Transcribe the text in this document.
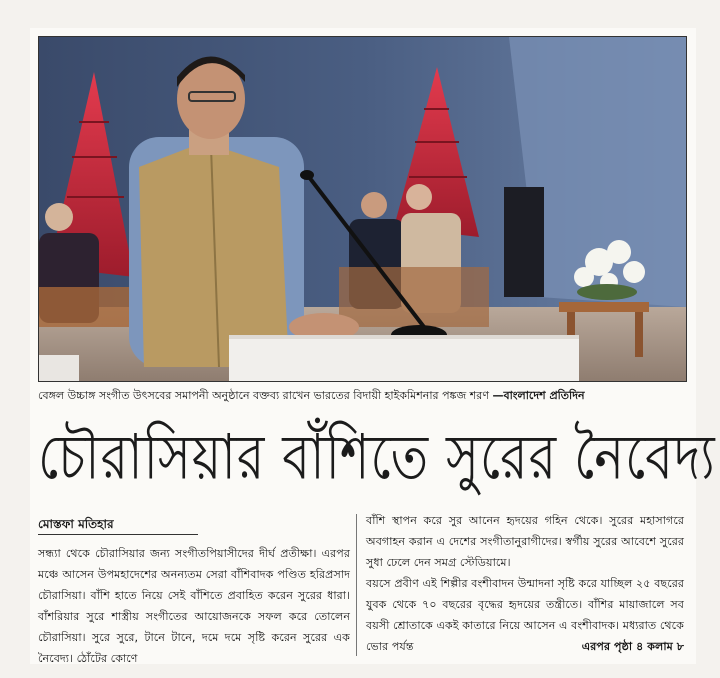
বেঙ্গল উচ্চাঙ্গ সংগীত উৎসবের সমাপনী অনুষ্ঠানে বক্তব্য রাখেন ভারতের বিদায়ী হাইকমিশনার পঙ্কজ শরণ —বাংলাদেশ প্রতিদিন
চৌরাসিয়ার বাঁশিতে সুরের নৈবেদ্য
মোস্তফা মতিহার

সন্ধ্যা থেকে চৌরাসিয়ার জন্য সংগীতপিয়াসীদের দীর্ঘ প্রতীক্ষা। এরপর মঞ্চে আসেন উপমহাদেশের অনন্যতম সেরা বাঁশিবাদক পণ্ডিত হরিপ্রসাদ চৌরাসিয়া। বাঁশি হাতে নিয়ে সেই বাঁশিতে প্রবাহিত করেন সুরের ধারা। বাঁশরিয়ার সুরে শাস্ত্রীয় সংগীতের আয়োজনকে সফল করে তোলেন চৌরাসিয়া। সুরে সুরে, টানে টানে, দমে দমে সৃষ্টি করেন সুরের এক নৈবেদ্য। ঠোঁটের কোণে

বাঁশি স্থাপন করে সুর আনেন হৃদয়ের গহিন থেকে। সুরের মহাসাগরে অবগাহন করান এ দেশের সংগীতানুরাগীদের। স্বর্গীয় সুরের আবেশে সুরের সুধা ঢেলে দেন সমগ্র স্টেডিয়ামে।

বয়সে প্রবীণ এই শিল্পীর বংশীবাদন উন্মাদনা সৃষ্টি করে যাচ্ছিল ২৫ বছরের যুবক থেকে ৭০ বছরের বৃদ্ধের হৃদয়ের তন্ত্রীতে। বাঁশির মায়াজালে সব বয়সী শ্রোতাকে একই কাতারে নিয়ে আসেন এ বংশীবাদক। মধ্যরাত থেকে ভোর পর্যন্ত	এরপর পৃষ্ঠা ৪ কলাম ৮
